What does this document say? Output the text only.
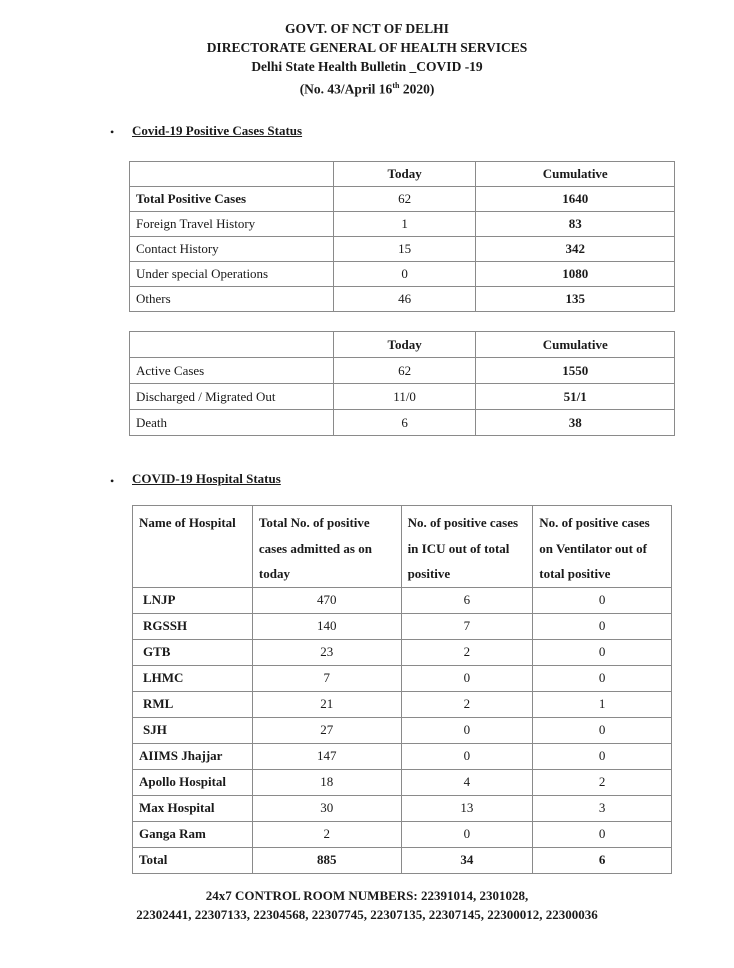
GOVT. OF NCT OF DELHI
DIRECTORATE GENERAL OF HEALTH SERVICES
Delhi State Health Bulletin _COVID -19
(No. 43/April 16th 2020)
• Covid-19 Positive Cases Status
	Today	Cumulative
Total Positive Cases	62	1640
Foreign Travel History	1	83
Contact History	15	342
Under special Operations	0	1080
Others	46	135
	Today	Cumulative
Active Cases	62	1550
Discharged / Migrated Out	11/0	51/1
Death	6	38
• COVID-19 Hospital Status
Name of Hospital	Total No. of positive cases admitted as on today	No. of positive cases in ICU out of total positive	No. of positive cases on Ventilator out of total positive
LNJP	470	6	0
RGSSH	140	7	0
GTB	23	2	0
LHMC	7	0	0
RML	21	2	1
SJH	27	0	0
AIIMS Jhajjar	147	0	0
Apollo Hospital	18	4	2
Max Hospital	30	13	3
Ganga Ram	2	0	0
Total	885	34	6
24x7 CONTROL ROOM NUMBERS: 22391014, 2301028,
22302441, 22307133, 22304568, 22307745, 22307135, 22307145, 22300012, 22300036
